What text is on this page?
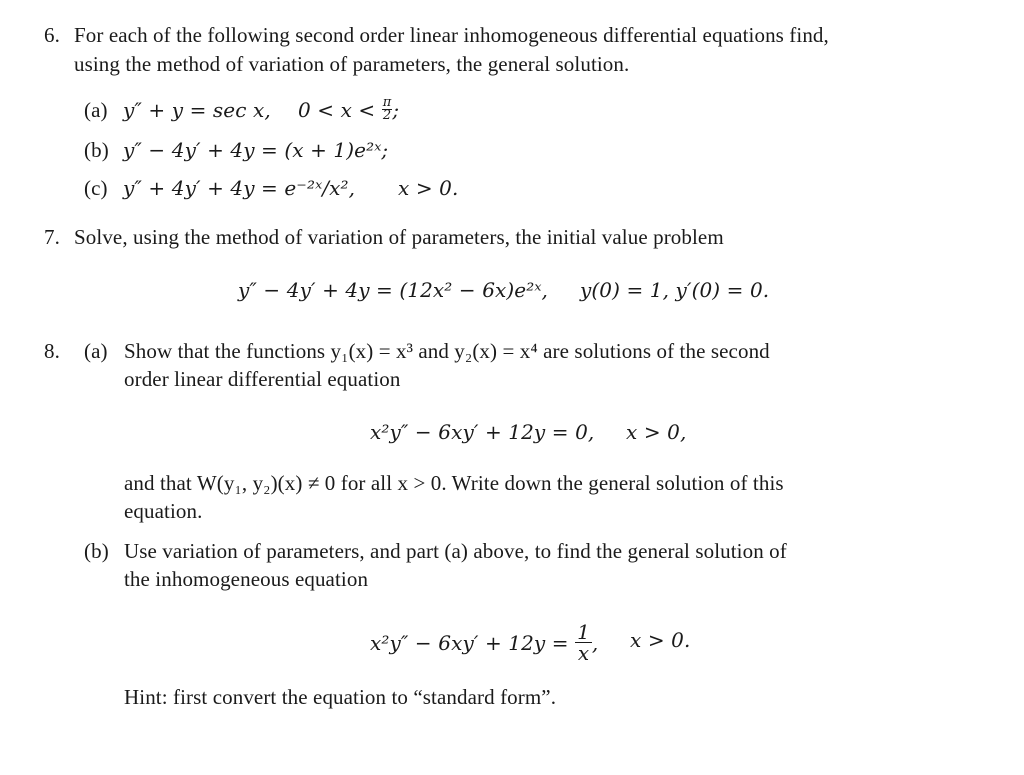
6. For each of the following second order linear inhomogeneous differential equations find,
using the method of variation of parameters, the general solution.
(a) y″ + y = sec x, $0 < x < \frac{\pi}{2}$ ;
(b) y″ − 4y′ + 4y = (x + 1)e²ˣ;
(c) y″ + 4y′ + 4y = e⁻²ˣ/x², x > 0.
7. Solve, using the method of variation of parameters, the initial value problem
y″ − 4y′ + 4y = (12x² − 6x)e²ˣ, y(0) = 1, y′(0) = 0.
8. (a) Show that the functions y₁(x) = x³ and y₂(x) = x⁴ are solutions of the second
order linear differential equation
x²y″ − 6xy′ + 12y = 0, x > 0,
and that W(y₁, y₂)(x) ≠ 0 for all x > 0. Write down the general solution of this
equation.
(b) Use variation of parameters, and part (a) above, to find the general solution of
the inhomogeneous equation
$x^2y'' - 6xy' + 12y = \frac{1}{x}$ , x > 0.
Hint: first convert the equation to “standard form”.
